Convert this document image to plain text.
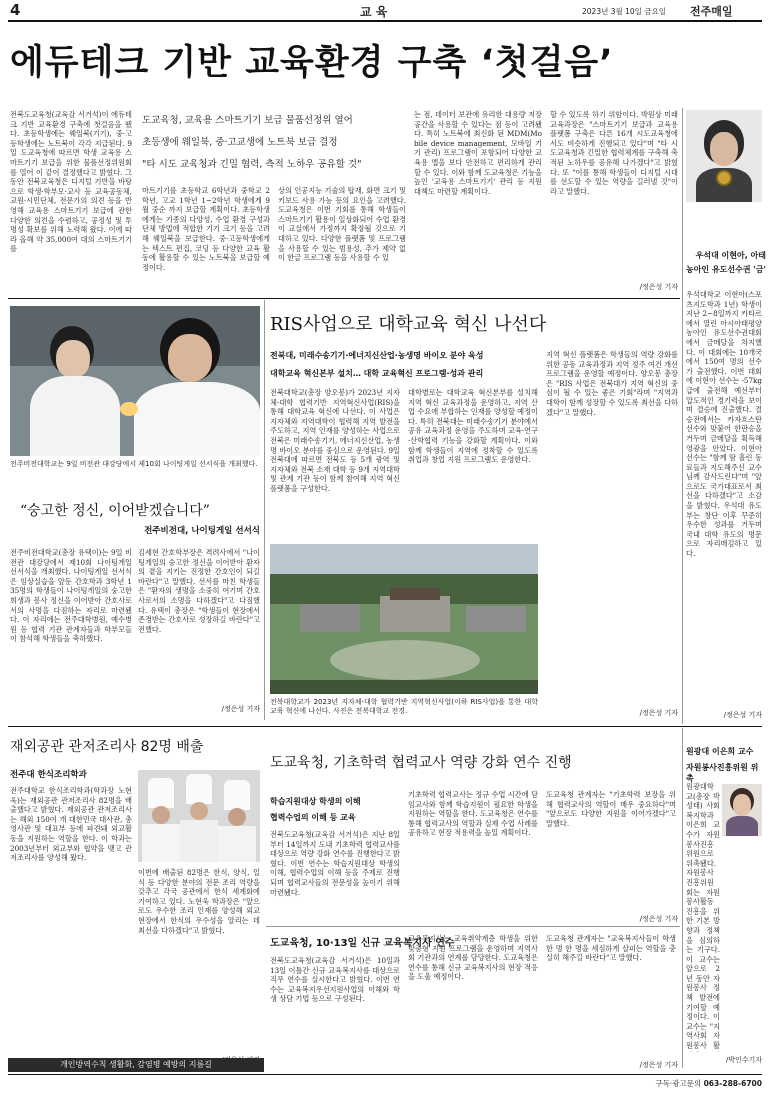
4	교 육	2023년 3월 10일 금요일 전주매일
에듀테크 기반 교육환경 구축 ‘첫걸음’
전북도교육청(교육감 서거석)이 에듀테크 기반 교육환경 구축에 첫걸음을 뗐다. 초등학생에는 웨일북(기기), 중·고등학생에는 노트북이 각각 지급된다. 9일 도교육청에 따르면 학생 교육용 스마트기기 보급을 위한 물품선정위원회를 열어 이 같이 결정했다고 밝혔다. 그동안 전북교육청은 디지털 기반을 바탕으로 학생·학부모·교사 등 교육공동체, 교원·시민단체, 전문가의 의견 등을 반영해 교육용 스마트기기 보급에 관한 다양한 의견을 수렴하고, 공정성 및 투명성 확보를 위해 노력해 왔다. 이에 따라 올해 약 35,000여 대의 스마트기기를
도교육청, 교육용 스마트기기 보급 물품선정위 열어
초등생에 웨일북, 중·고교생에 노트북 보급 결정
"타 시도 교육청과 긴밀 협력, 측적 노하우 공유할 것"
마트기기를 초등학교 6학년과 중학교 2학년, 고교 1학년 1~2학년 학생에게 9월 중순 까지 보급할 계획이다. 초등학생에게는 기종의 다양성, 수업 환경 구성과 단체 방법에 적합한 기기 크기 등을 고려해 웨일북을 보급한다. 중·고등학생에게는 텍스트 편집, 코딩 등 다양한 교육 활동에 활용할 수 있는 노트북을 보급할 예정이다.
상의 인공지능 기술의 탑재, 화면 크기 및 키보드 사용 가능 등의 요인을 고려했다. 도교육청은 이번 기회를 통해 학생들이 스마트기기 활용이 일상화되어 수업 환경이 교실에서 가정까지 확장될 것으로 기대하고 있다. 다양한 플랫폼 및 프로그램을 사용할 수 있는 범용성, 추가 제약 없이 한글 프로그램 등을 사용할 수 있
는 점, 데이터 보관에 유리한 대용량 저장공간을 사용할 수 있다는 점 등이 고려됐다. 특히 노트북에 최신화 된 MDM(Mobile device management, 모바일 기기 관리) 프로그램이 포함되어 다양한 교육용 앱을 보다 안전하고 편리하게 관리할 수 있다. 이와 함께 도교육청은 기능을 높인 '교육용 스마트기기' 관리 등 지원 대책도 마련할 계획이다.
할 수 있도록 하기 위함이다. 박원상 미래교육과장은 "스마트기기 보급과 교육용 플랫폼 구축은 다른 16개 시도교육청에서도 비슷하게 진행되고 있다"며 "타 시도교육청과 긴밀한 협력체계를 구축해 축적된 노하우를 공유해 나가겠다"고 밝혔다. 또 "이를 통해 학생들이 디지털 시대를 선도할 수 있는 역량을 길러낼 것"이라고 말했다.
/정은성 기자
우석대 이현아, 아태
농아인 유도선수권 '금'
우석대학교 이현아(스포츠지도학과 1년) 학생이 지난 2~8일까지 카타르에서 열린 아시아태평양 농아인 유도선수권대회에서 금메달을 차지했다. 이 대회에는 10개국에서 150여 명의 선수가 출전했다. 이번 대회에 이현아 선수는 -57kg급에 출전해 예선부터 압도적인 경기력을 보이며 결승에 진출했다. 결승전에서는 카자흐스탄 선수와 맞붙어 한판승을 거두며 금메달을 획득해 영광을 안았다. 이현아 선수는 "함께 땀 흘린 동료들과 지도해주신 교수님께 감사드린다"며 "앞으로도 국가대표로서 최선을 다하겠다"고 소감을 밝혔다. 우석대 유도부는 창단 이후 꾸준히 우수한 성과를 거두며 국내 대학 유도의 명문으로 자리매김하고 있다.
/정은성 기자
전주비전대학교는 9일 비전관 대강당에서 제10회 나이팅게일 선서식을 개최했다.
“숭고한 정신, 이어받겠습니다”
전주비전대, 나이팅게일 선서식
전주비전대학교(총장 유택이)는 9일 비전관 대강당에서 제10회 나이팅게일 선서식을 개최했다. 나이팅게일 선서식은 임상실습을 앞둔 간호학과 3학년 135명의 학생들이 나이팅게일의 숭고한 희생과 봉사 정신을 이어받아 간호사로서의 사명을 다짐하는 자리로 마련됐다. 이 자리에는 전주대학병원, 예수병원 등 협력 기관 관계자들과 학부모들이 참석해 학생들을 축하했다.
김세현 간호학부장은 격려사에서 "나이팅게일의 숭고한 정신을 이어받아 환자의 곁을 지키는 진정한 간호인이 되길 바란다"고 말했다. 선서를 마친 학생들은 "환자의 생명을 소중히 여기며 간호사로서의 소명을 다하겠다"고 다짐했다. 유택이 총장은 "학생들이 현장에서 존경받는 간호사로 성장하길 바란다"고 전했다.
/정은성 기자
RIS사업으로 대학교육 혁신 나선다
전북대, 미래수송기기·에너지신산업·농생명 바이오 분야 육성
대학교육 혁신본부 설치… 대학 교육혁신 프로그램·성과 관리
전북대학교(총장 양오봉)가 2023년 지자체-대학 협력기반 지역혁신사업(RIS)을 통해 대학교육 혁신에 나선다. 이 사업은 지자체와 지역대학이 협력해 지역 발전을 주도하고, 지역 인재를 양성하는 사업으로 전북은 미래수송기기, 에너지신산업, 농생명 바이오 분야를 중심으로 운영된다. 9일 전북대에 따르면 전북도 등 5개 광역 및 지자체와 전북 소재 대학 등 9개 지역대학 및 관계 기관 등이 함께 참여해 지역 혁신 플랫폼을 구성한다.
대학별로는 대학교육 혁신본부를 설치해 지역 혁신 교육과정을 운영하고, 지역 산업 수요에 부합하는 인재를 양성할 예정이다. 특히 전북대는 미래수송기기 분야에서 공유 교육과정 운영을 주도하며 교육·연구·산학협력 기능을 강화할 계획이다. 이와 함께 학생들이 지역에 정착할 수 있도록 취업과 창업 지원 프로그램도 운영한다.
지역 혁신 플랫폼은 학생들의 역량 강화를 위한 공동 교육과정과 지역 정주 여건 개선 프로그램을 운영할 예정이다. 양오봉 총장은 "RIS 사업은 전북대가 지역 혁신의 중심이 될 수 있는 좋은 기회"라며 "지역과 대학이 함께 성장할 수 있도록 최선을 다하겠다"고 말했다.
전북대학교가 2023년 지자체-대학 협력기반 지역혁신사업(이하 RIS사업)을 통한 대학교육 혁신에 나선다. 사진은 전북대학교 전경.	/정은성 기자
재외공관 관저조리사 82명 배출
전주대 한식조리학과
전주대학교 한식조리학과(학과장 노현욱)는 재외공관 관저조리사 82명을 배출했다고 밝혔다. 재외공관 관저조리사는 해외 150여 개 대한민국 대사관, 총영사관 및 대표부 등에 파견돼 외교활동을 지원하는 역할을 한다. 이 학과는 2003년부터 외교부와 협약을 맺고 관저조리사를 양성해 왔다.
이번에 배출된 82명은 한식, 양식, 일식 등 다양한 분야의 전문 조리 역량을 갖추고 각국 공관에서 한식 세계화에 기여하고 있다. 노현욱 학과장은 "앞으로도 우수한 조리 인재를 양성해 외교 현장에서 한식의 우수성을 알리는 데 최선을 다하겠다"고 밝혔다.
도교육청, 기초학력 협력교사 역량 강화 연수 진행
학습지원대상 학생의 이해
협력수업의 이해 등 교육
전북도교육청(교육감 서거석)은 지난 8일부터 14일까지 도내 기초학력 협력교사를 대상으로 역량 강화 연수를 진행한다고 밝혔다. 이번 연수는 학습지원대상 학생의 이해, 협력수업의 이해 등을 주제로 진행되며 협력교사들의 전문성을 높이기 위해 마련됐다.
기초학력 협력교사는 정규 수업 시간에 담임교사와 함께 학습지원이 필요한 학생을 지원하는 역할을 한다. 도교육청은 연수를 통해 협력교사의 역할과 실제 수업 사례를 공유하고 현장 적용력을 높일 계획이다.
도교육청 관계자는 "기초학력 보장을 위해 협력교사의 역할이 매우 중요하다"며 "앞으로도 다양한 지원을 이어가겠다"고 말했다.
/정은성 기자
도교육청, 10·13일 신규 교육복지사 연수
전북도교육청(교육감 서거석)은 10일과 13일 이틀간 신규 교육복지사를 대상으로 직무 연수를 실시한다고 밝혔다. 이번 연수는 교육복지우선지원사업의 이해와 학생 상담 기법 등으로 구성된다.
교육복지사는 교육취약계층 학생을 위한 맞춤형 지원 프로그램을 운영하며 지역사회 기관과의 연계를 담당한다. 도교육청은 연수를 통해 신규 교육복지사의 현장 적응을 도울 예정이다.
도교육청 관계자는 "교육복지사들이 학생 한 명 한 명을 세심하게 살피는 역할을 충실히 해주길 바란다"고 말했다.
/정은성 기자
원광대 이은희 교수
자원봉사진흥위원 위촉
원광대학교(총장 박성태) 사회복지학과 이은희 교수가 자원봉사진흥위원으로 위촉됐다. 자원봉사진흥위원회는 자원봉사활동 진흥을 위한 기본 방향과 정책을 심의하는 기구다. 이 교수는 앞으로 2년 동안 자원봉사 정책 발전에 기여할 예정이다. 이 교수는 "지역사회 자원봉사 활
/박인수기자
개인방역수칙 생활화, 감염병 예방의 지름길
구독·광고문의 063-288-6700
